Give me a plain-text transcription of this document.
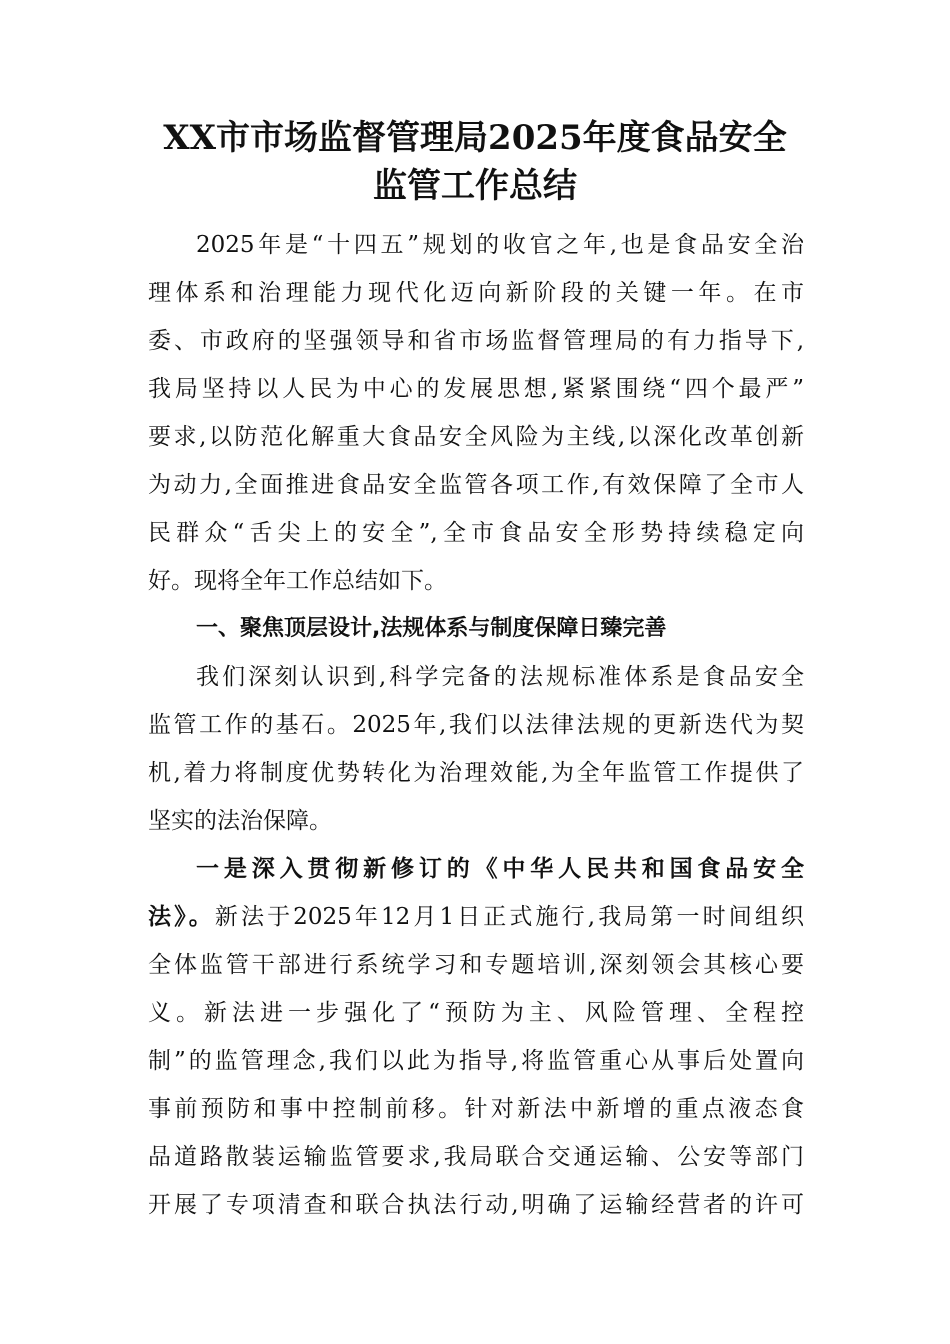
XX市市场监督管理局2025年度食品安全
监管工作总结
2025年是“十四五”规划的收官之年,也是食品安全治
理体系和治理能力现代化迈向新阶段的关键一年。在市
委、市政府的坚强领导和省市场监督管理局的有力指导下,
我局坚持以人民为中心的发展思想,紧紧围绕“四个最严”
要求,以防范化解重大食品安全风险为主线,以深化改革创新
为动力,全面推进食品安全监管各项工作,有效保障了全市人
民群众“舌尖上的安全”,全市食品安全形势持续稳定向
好。现将全年工作总结如下。
一、聚焦顶层设计,法规体系与制度保障日臻完善
我们深刻认识到,科学完备的法规标准体系是食品安全
监管工作的基石。2025年,我们以法律法规的更新迭代为契
机,着力将制度优势转化为治理效能,为全年监管工作提供了
坚实的法治保障。
一是深入贯彻新修订的《中华人民共和国食品安全
法》。新法于2025年12月1日正式施行,我局第一时间组织
全体监管干部进行系统学习和专题培训,深刻领会其核心要
义。新法进一步强化了“预防为主、风险管理、全程控
制”的监管理念,我们以此为指导,将监管重心从事后处置向
事前预防和事中控制前移。针对新法中新增的重点液态食
品道路散装运输监管要求,我局联合交通运输、公安等部门
开展了专项清查和联合执法行动,明确了运输经营者的许可
